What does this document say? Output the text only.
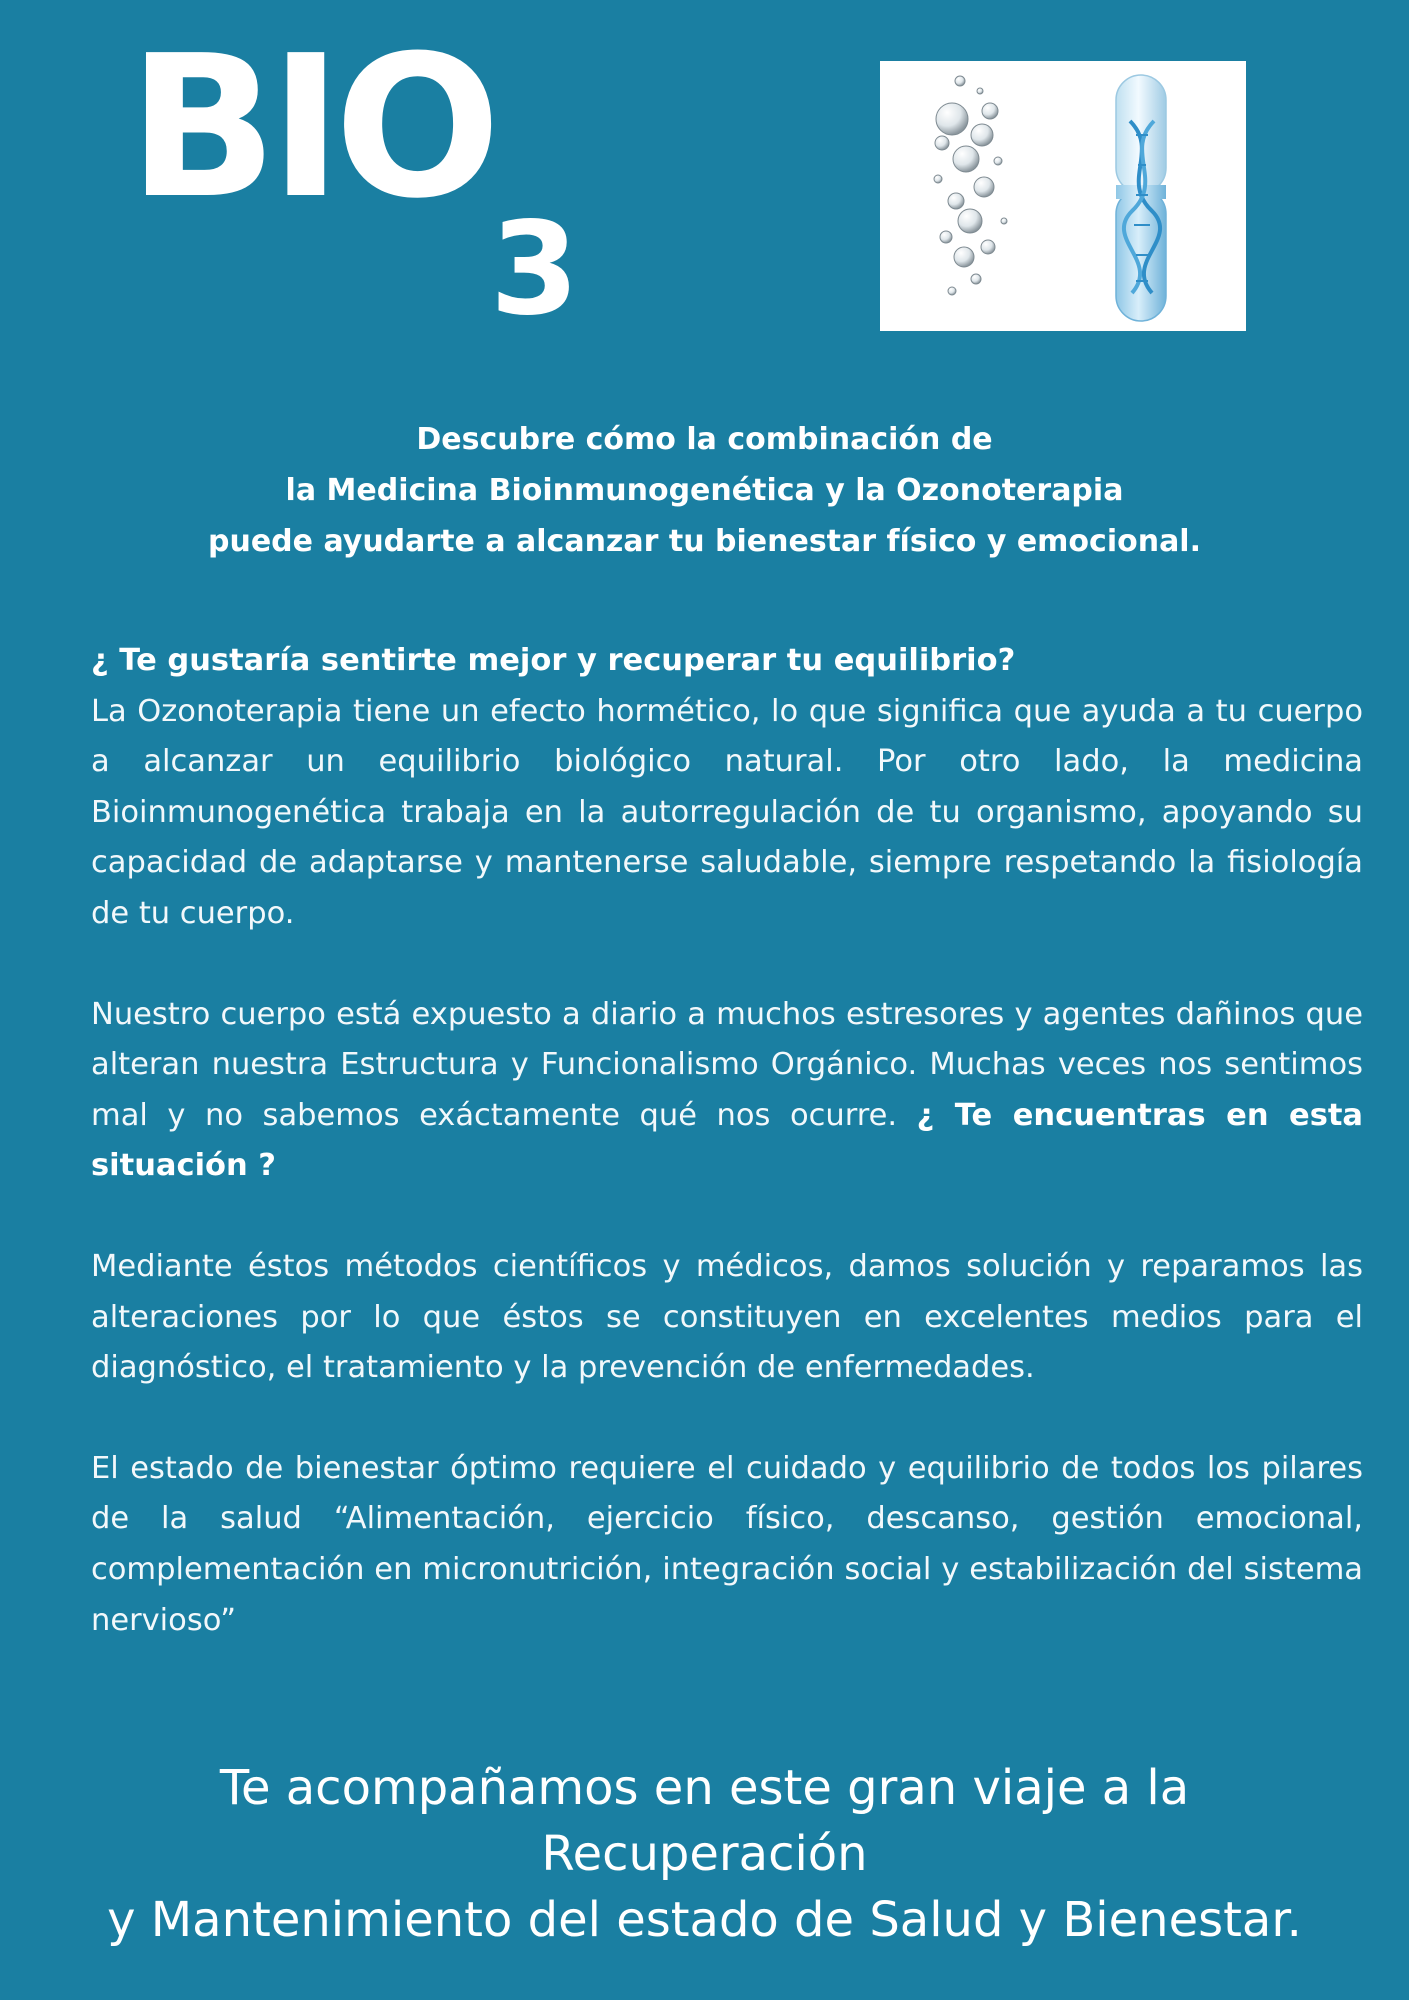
BIO
3
Descubre cómo la combinación de
la Medicina Bioinmunogenética y la Ozonoterapia
puede ayudarte a alcanzar tu bienestar físico y emocional.

¿ Te gustaría sentirte mejor y recuperar tu equilibrio?
La Ozonoterapia tiene un efecto hormético, lo que significa que ayuda a tu cuerpo a alcanzar un equilibrio biológico natural. Por otro lado, la medicina Bioinmunogenética trabaja en la autorregulación de tu organismo, apoyando su capacidad de adaptarse y mantenerse saludable, siempre respetando la fisiología de tu cuerpo.

Nuestro cuerpo está expuesto a diario a muchos estresores y agentes dañinos que alteran nuestra Estructura y Funcionalismo Orgánico. Muchas veces nos sentimos mal y no sabemos exáctamente qué nos ocurre. ¿ Te encuentras en esta situación ?

Mediante éstos métodos científicos y médicos, damos solución y reparamos las alteraciones por lo que éstos se constituyen en excelentes medios para el diagnóstico, el tratamiento y la prevención de enfermedades.

El estado de bienestar óptimo requiere el cuidado y equilibrio de todos los pilares de la salud “Alimentación, ejercicio físico, descanso, gestión emocional, complementación en micronutrición, integración social y estabilización del sistema nervioso”

Te acompañamos en este gran viaje a la Recuperación
y Mantenimiento del estado de Salud y Bienestar.
